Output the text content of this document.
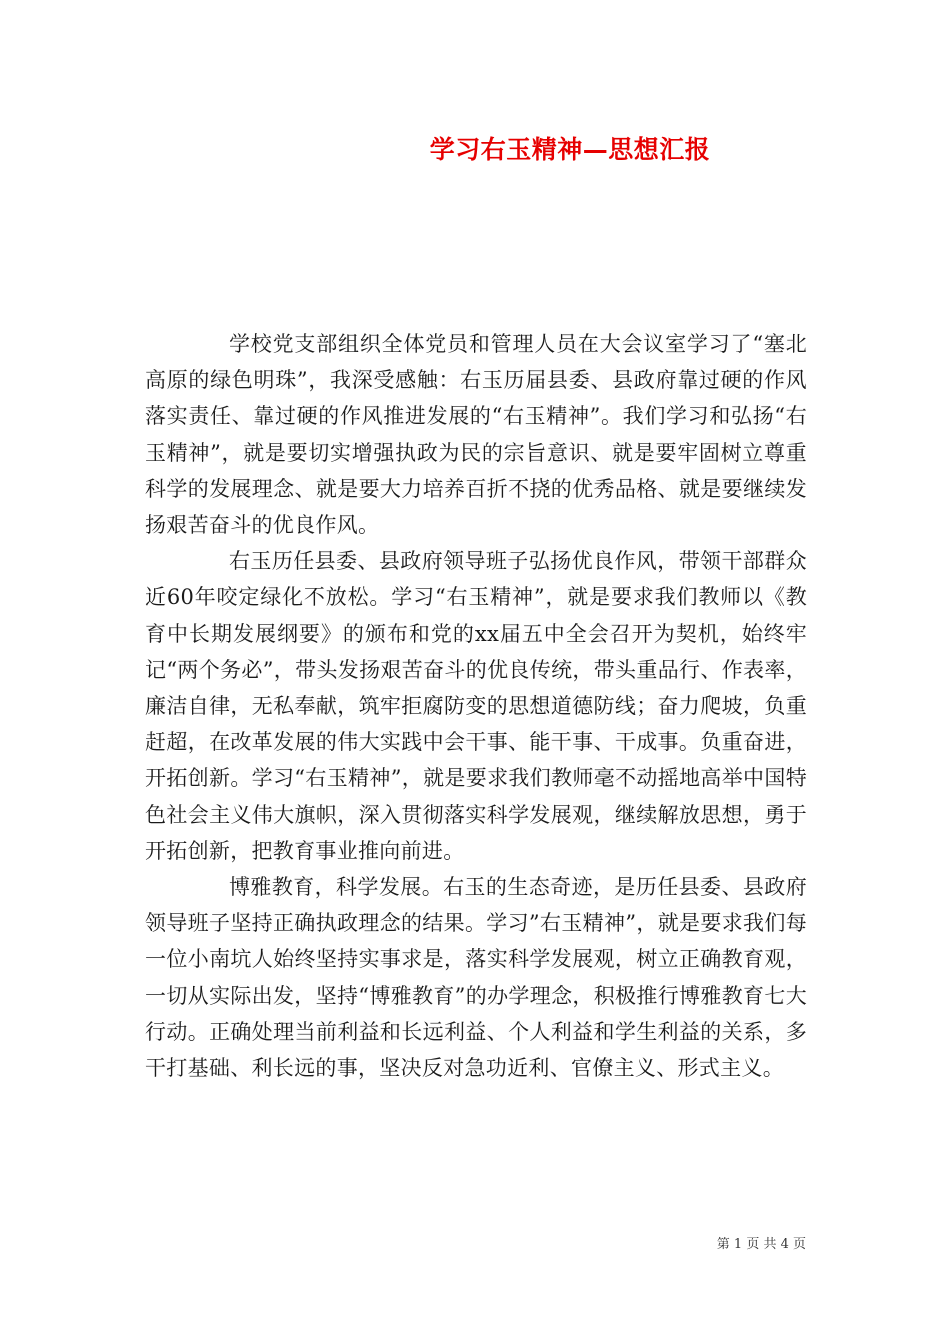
学习右玉精神—思想汇报

学校党支部组织全体党员和管理人员在大会议室学习了“塞北高原的绿色明珠”，我深受感触：右玉历届县委、县政府靠过硬的作风落实责任、靠过硬的作风推进发展的“右玉精神”。我们学习和弘扬“右玉精神”，就是要切实增强执政为民的宗旨意识、就是要牢固树立尊重科学的发展理念、就是要大力培养百折不挠的优秀品格、就是要继续发扬艰苦奋斗的优良作风。

右玉历任县委、县政府领导班子弘扬优良作风，带领干部群众近60年咬定绿化不放松。学习“右玉精神”，就是要求我们教师以《教育中长期发展纲要》的颁布和党的xx届五中全会召开为契机，始终牢记“两个务必”，带头发扬艰苦奋斗的优良传统，带头重品行、作表率，廉洁自律，无私奉献，筑牢拒腐防变的思想道德防线；奋力爬坡，负重赶超，在改革发展的伟大实践中会干事、能干事、干成事。负重奋进，开拓创新。学习“右玉精神”，就是要求我们教师毫不动摇地高举中国特色社会主义伟大旗帜，深入贯彻落实科学发展观，继续解放思想，勇于开拓创新，把教育事业推向前进。

博雅教育，科学发展。右玉的生态奇迹，是历任县委、县政府领导班子坚持正确执政理念的结果。学习”右玉精神”，就是要求我们每一位小南坑人始终坚持实事求是，落实科学发展观，树立正确教育观，一切从实际出发，坚持“博雅教育”的办学理念，积极推行博雅教育七大行动。正确处理当前利益和长远利益、个人利益和学生利益的关系，多干打基础、利长远的事，坚决反对急功近利、官僚主义、形式主义。

第 1 页 共 4 页
